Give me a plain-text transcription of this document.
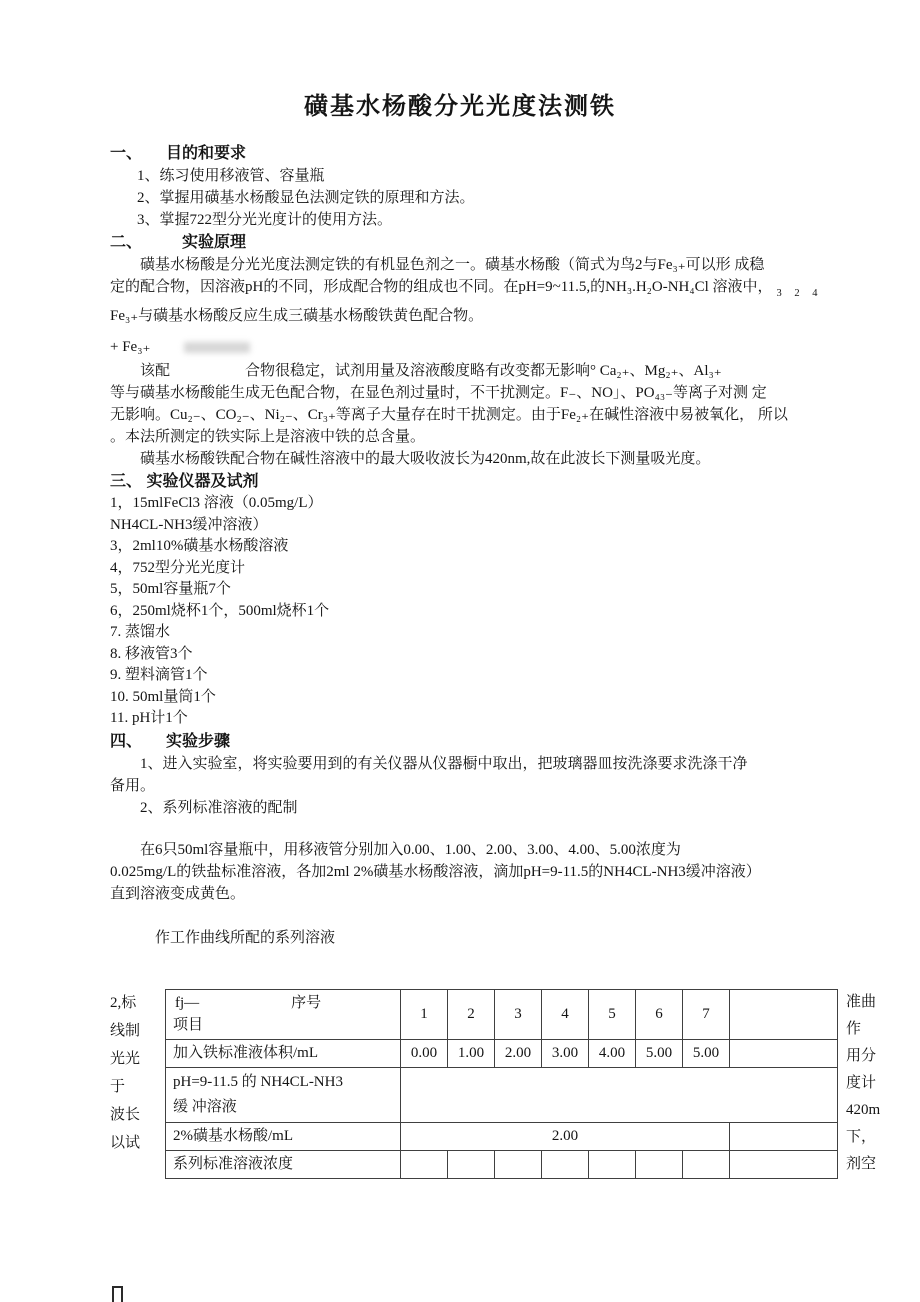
磺基水杨酸分光光度法测铁
一、　　目的和要求
1、练习使用移液管、容量瓶
2、掌握用磺基水杨酸显色法测定铁的原理和方法。
3、掌握722型分光光度计的使用方法。
二、　　　实验原理
　　磺基水杨酸是分光光度法测定铁的有机显色剂之一。磺基水杨酸（简式为鸟2与Fe₃₊可以形 成稳
定的配合物，因溶液pH的不同，形成配合物的组成也不同。在pH=9~11.5,的NH₃.H₂O-NH₄Cl 溶液中， $_{3 2 4}$
Fe₃₊与磺基水杨酸反应生成三磺基水杨酸铁黄色配合物。
+ Fe₃₊
　　该配　　　　　合物很稳定，试剂用量及溶液酸度略有改变都无影响° Ca₂₊、Mg₂₊、Al₃₊
等与磺基水杨酸能生成无色配合物，在显色剂过量时，不干扰测定。F₋、NO」、PO₄₃₋等离子对测 定
无影响。Cu₂₋、CO₂₋、Ni₂₋、Cr₃₊等离子大量存在时干扰测定。由于Fe₂₊在碱性溶液中易被氧化， 所以
。本法所测定的铁实际上是溶液中铁的总含量。
　　磺基水杨酸铁配合物在碱性溶液中的最大吸收波长为420nm,故在此波长下测量吸光度。
三、 实验仪器及试剂
1，15mlFeCl3 溶液（0.05mg/L）
NH4CL-NH3缓冲溶液）
3，2ml10%磺基水杨酸溶液
4，752型分光光度计
5，50ml容量瓶7个
6，250ml烧杯1个，500ml烧杯1个
7. 蒸馏水
8. 移液管3个
9. 塑料滴管1个
10. 50ml量筒1个
11. pH计1个
四、　　实验步骤
　　1、进入实验室，将实验要用到的有关仪器从仪器橱中取出，把玻璃器皿按洗涤要求洗涤干净
备用。
　　2、系列标准溶液的配制
　　在6只50ml容量瓶中，用移液管分别加入0.00、1.00、2.00、3.00、4.00、5.00浓度为
0.025mg/L的铁盐标准溶液，各加2ml 2%磺基水杨酸溶液，滴加pH=9-11.5的NH4CL-NH3缓冲溶液）
直到溶液变成黄色。
　　　作工作曲线所配的系列溶液
2,标
线制
光光
于
波长
以试
fj— 序号
项目	1	2	3	4	5	6	7	
加入铁标准液体积/mL	0.00	1.00	2.00	3.00	4.00	5.00	5.00	

pH=9-11.5 的 NH4CL-NH3
缓 冲溶液								

2%磺基水杨酸/mL	2.00							
系列标准溶液浓度								
准曲
作
用分
度计
420m
下，
剂空
